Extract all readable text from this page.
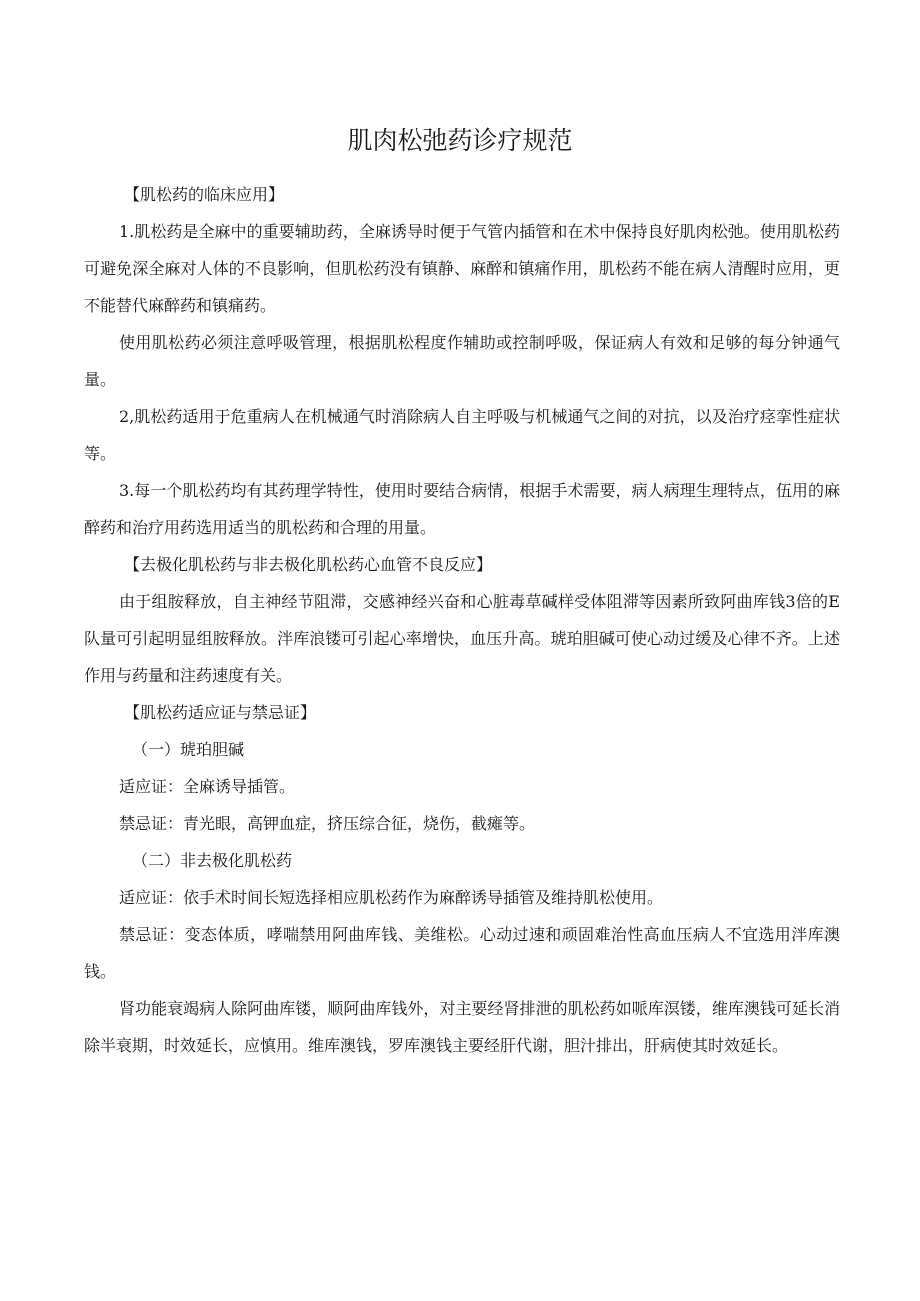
肌肉松弛药诊疗规范

【肌松药的临床应用】

1.肌松药是全麻中的重要辅助药，全麻诱导时便于气管内插管和在术中保持良好肌肉松弛。使用肌松药可避免深全麻对人体的不良影响，但肌松药没有镇静、麻醉和镇痛作用，肌松药不能在病人清醒时应用，更不能替代麻醉药和镇痛药。

使用肌松药必须注意呼吸管理，根据肌松程度作辅助或控制呼吸，保证病人有效和足够的每分钟通气量。

2,肌松药适用于危重病人在机械通气时消除病人自主呼吸与机械通气之间的对抗，以及治疗痉挛性症状等。

3.每一个肌松药均有其药理学特性，使用时要结合病情，根据手术需要，病人病理生理特点，伍用的麻醉药和治疗用药选用适当的肌松药和合理的用量。

【去极化肌松药与非去极化肌松药心血管不良反应】

由于组胺释放，自主神经节阻滞，交感神经兴奋和心脏毒草碱样受体阻滞等因素所致阿曲库钱3倍的E队量可引起明显组胺释放。泮库浪镂可引起心率增快，血压升高。琥珀胆碱可使心动过缓及心律不齐。上述作用与药量和注药速度有关。

【肌松药适应证与禁忌证】

（一）琥珀胆碱

适应证：全麻诱导插管。

禁忌证：青光眼，高钾血症，挤压综合征，烧伤，截瘫等。

（二）非去极化肌松药

适应证：依手术时间长短选择相应肌松药作为麻醉诱导插管及维持肌松使用。

禁忌证：变态体质，哮喘禁用阿曲库钱、美维松。心动过速和顽固难治性高血压病人不宜选用泮库澳钱。

肾功能衰竭病人除阿曲库镂，顺阿曲库钱外，对主要经肾排泄的肌松药如哌库溟镂，维库澳钱可延长消除半衰期，时效延长，应慎用。维库澳钱，罗库澳钱主要经肝代谢，胆汁排出，肝病使其时效延长。
